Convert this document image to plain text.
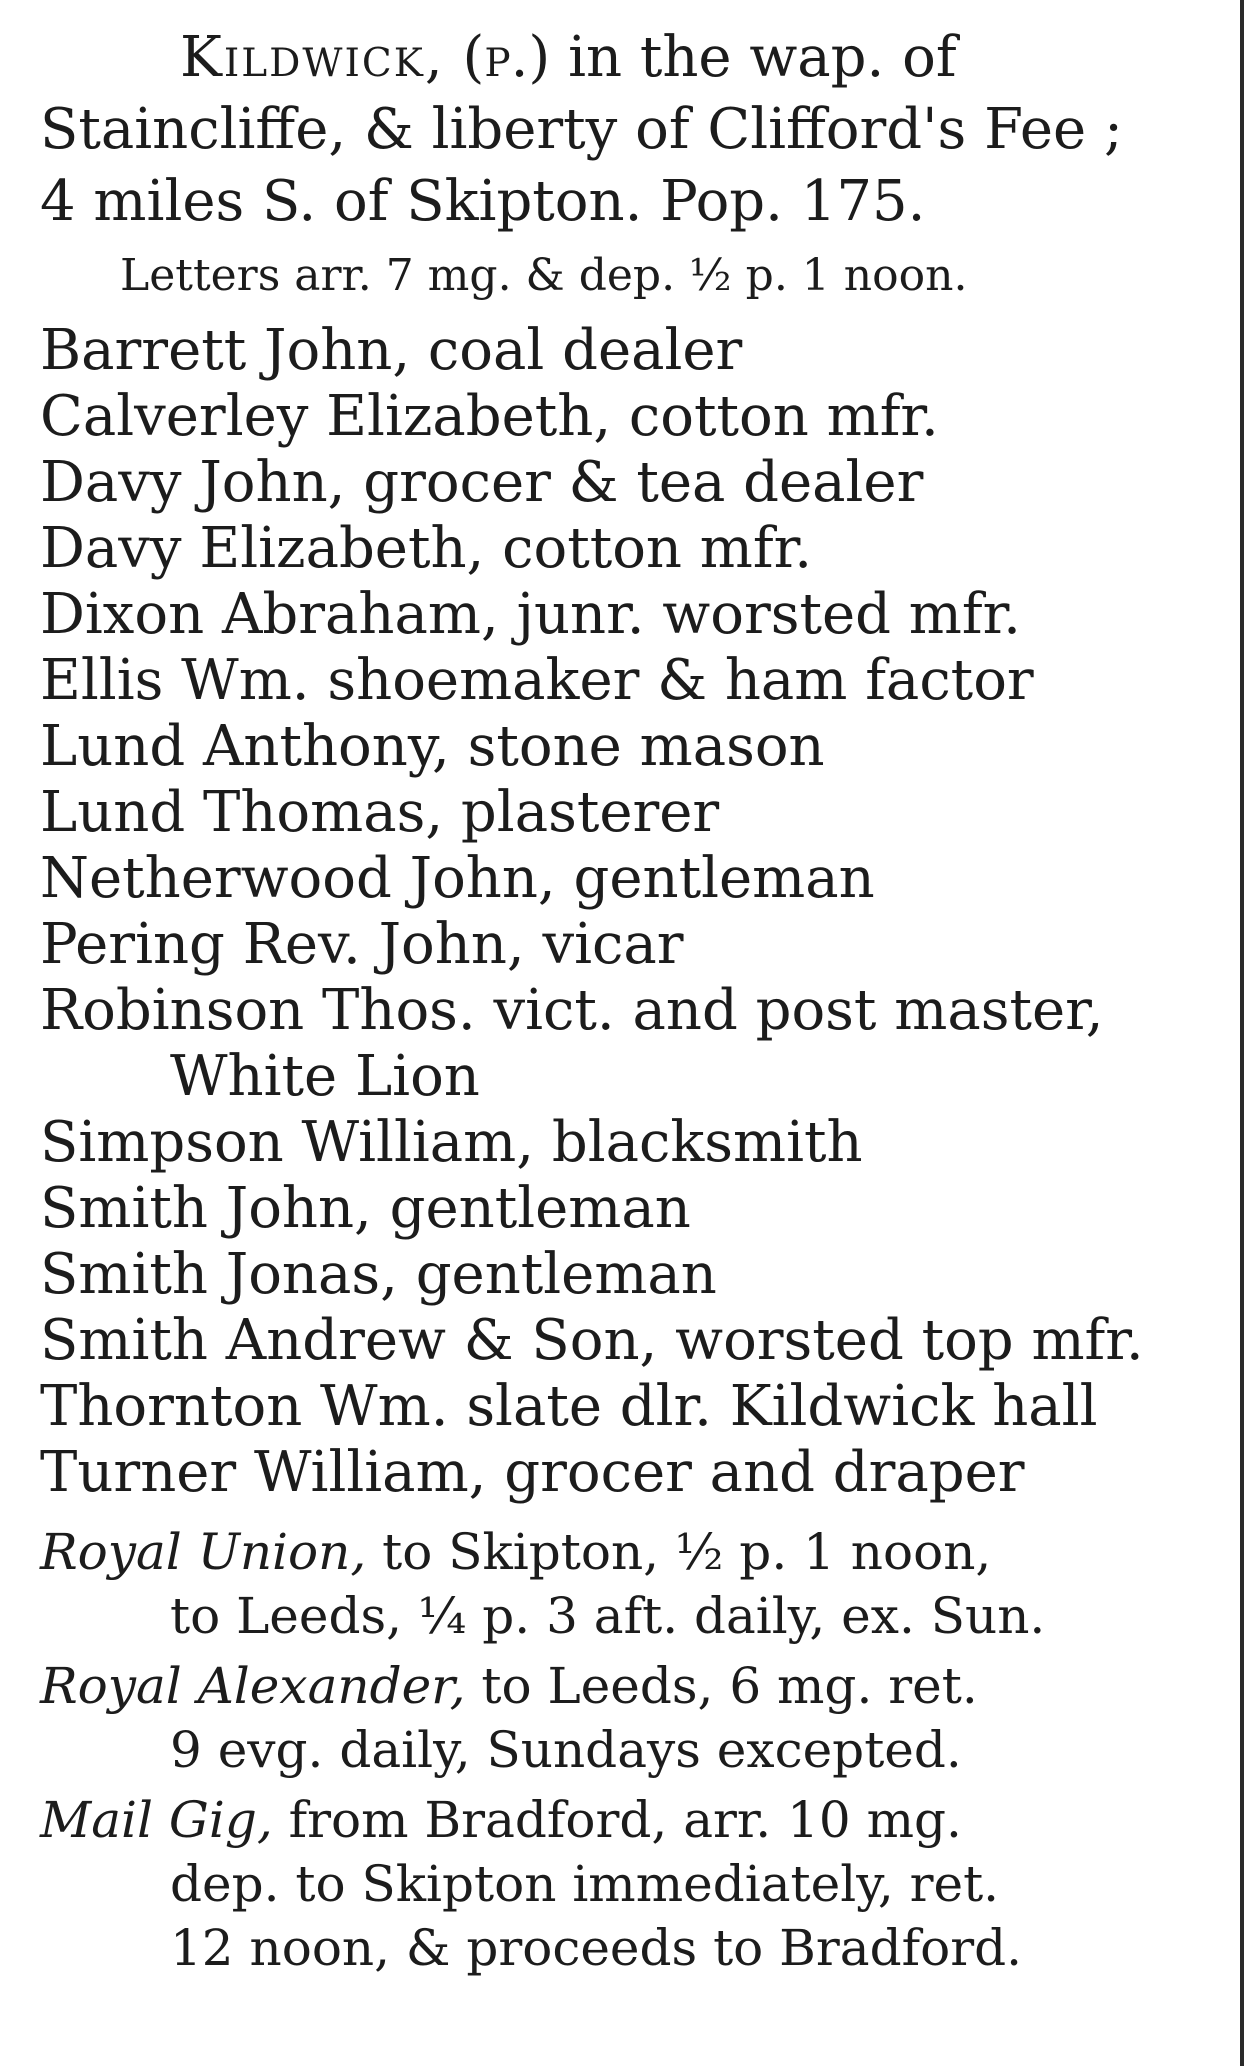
Kildwick, (p.) in the wap. of
Staincliffe, & liberty of Clifford's Fee ;
4 miles S. of Skipton. Pop. 175.
Letters arr. 7 mg. & dep. ½ p. 1 noon.
Barrett John, coal dealer
Calverley Elizabeth, cotton mfr.
Davy John, grocer & tea dealer
Davy Elizabeth, cotton mfr.
Dixon Abraham, junr. worsted mfr.
Ellis Wm. shoemaker & ham factor
Lund Anthony, stone mason
Lund Thomas, plasterer
Netherwood John, gentleman
Pering Rev. John, vicar
Robinson Thos. vict. and post master,
White Lion
Simpson William, blacksmith
Smith John, gentleman
Smith Jonas, gentleman
Smith Andrew & Son, worsted top mfr.
Thornton Wm. slate dlr. Kildwick hall
Turner William, grocer and draper
Royal Union, to Skipton, ½ p. 1 noon,
to Leeds, ¼ p. 3 aft. daily, ex. Sun.
Royal Alexander, to Leeds, 6 mg. ret.
9 evg. daily, Sundays excepted.
Mail Gig, from Bradford, arr. 10 mg.
dep. to Skipton immediately, ret.
12 noon, & proceeds to Bradford.
